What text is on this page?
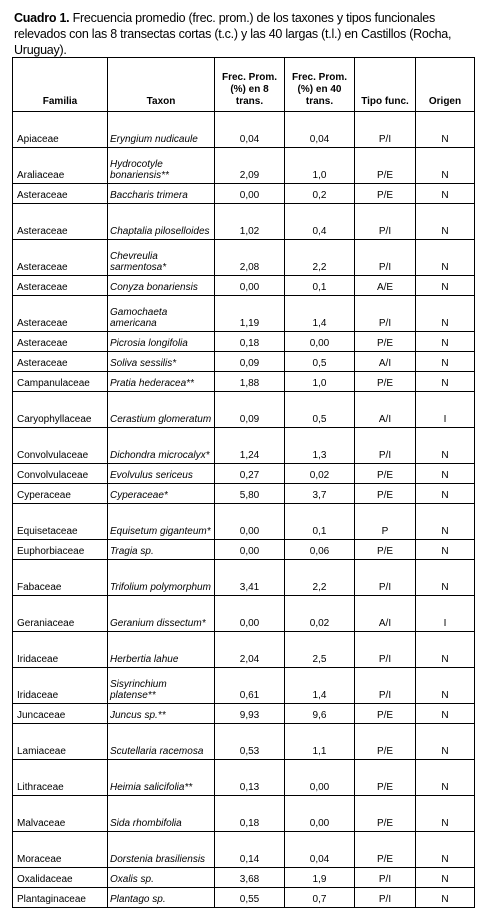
Cuadro 1. Frecuencia promedio (frec. prom.) de los taxones y tipos funcionales relevados con las 8 transectas cortas (t.c.) y las 40 largas (t.l.) en Castillos (Rocha, Uruguay).
Familia	Taxon	Frec. Prom. (%) en 8 trans.	Frec. Prom. (%) en 40 trans.	Tipo func.	Origen
Apiaceae	Eryngium nudicaule	0,04	0,04	P/I	N
Araliaceae	Hydrocotyle bonariensis**	2,09	1,0	P/E	N
Asteraceae	Baccharis trimera	0,00	0,2	P/E	N
Asteraceae	Chaptalia piloselloides	1,02	0,4	P/I	N
Asteraceae	Chevreulia sarmentosa*	2,08	2,2	P/I	N
Asteraceae	Conyza bonariensis	0,00	0,1	A/E	N
Asteraceae	Gamochaeta americana	1,19	1,4	P/I	N
Asteraceae	Picrosia longifolia	0,18	0,00	P/E	N
Asteraceae	Soliva sessilis*	0,09	0,5	A/I	N
Campanulaceae	Pratia hederacea**	1,88	1,0	P/E	N
Caryophyllaceae	Cerastium glomeratum	0,09	0,5	A/I	I
Convolvulaceae	Dichondra microcalyx*	1,24	1,3	P/I	N
Convolvulaceae	Evolvulus sericeus	0,27	0,02	P/E	N
Cyperaceae	Cyperaceae*	5,80	3,7	P/E	N
Equisetaceae	Equisetum giganteum*	0,00	0,1	P	N
Euphorbiaceae	Tragia sp.	0,00	0,06	P/E	N
Fabaceae	Trifolium polymorphum	3,41	2,2	P/I	N
Geraniaceae	Geranium dissectum*	0,00	0,02	A/I	I
Iridaceae	Herbertia lahue	2,04	2,5	P/I	N
Iridaceae	Sisyrinchium platense**	0,61	1,4	P/I	N
Juncaceae	Juncus sp.**	9,93	9,6	P/E	N
Lamiaceae	Scutellaria racemosa	0,53	1,1	P/E	N
Lithraceae	Heimia salicifolia**	0,13	0,00	P/E	N
Malvaceae	Sida rhombifolia	0,18	0,00	P/E	N
Moraceae	Dorstenia brasiliensis	0,14	0,04	P/E	N
Oxalidaceae	Oxalis sp.	3,68	1,9	P/I	N
Plantaginaceae	Plantago sp.	0,55	0,7	P/I	N
